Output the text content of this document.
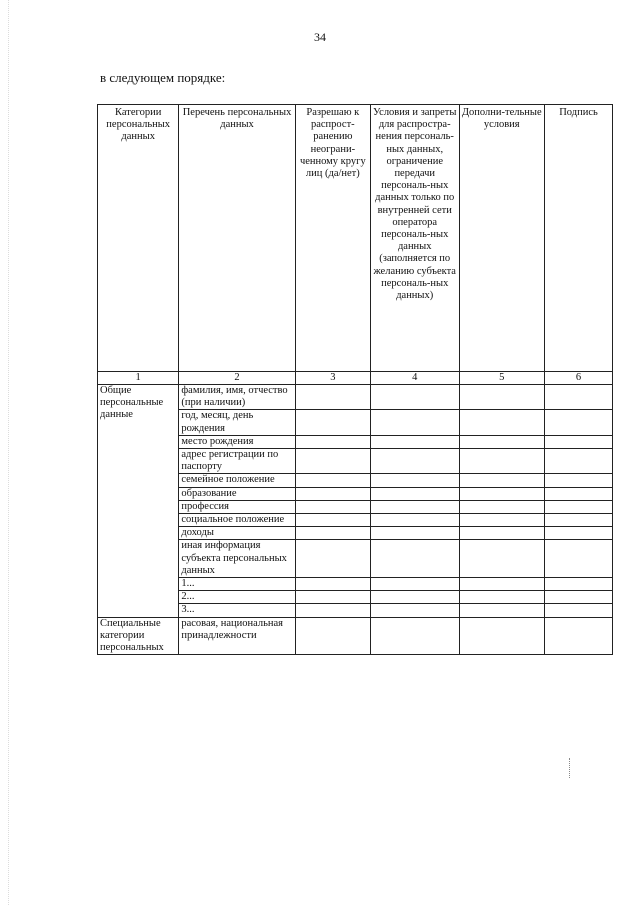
34
в следующем порядке:
Категории персональных данных	Перечень персональных данных	Разрешаю к распрост-ранению неограни-ченному кругу лиц (да/нет)	Условия и запреты для распростра-нения персональ-ных данных, ограничение передачи персональ-ных данных только по внутренней сети оператора персональ-ных данных (заполняется по желанию субъекта персональ-ных данных)	Дополни-тельные условия	Подпись
1	2	3	4	5	6
Общие персональные данные	фамилия, имя, отчество (при наличии)				
	год, месяц, день рождения				
	место рождения				
	адрес регистрации по паспорту				
	семейное положение				
	образование				
	профессия				
	социальное положение				
	доходы				
	иная информация субъекта персональных данных				
	1...				
	2...				
	3...				
Специальные категории персональных	расовая, национальная принадлежности				
